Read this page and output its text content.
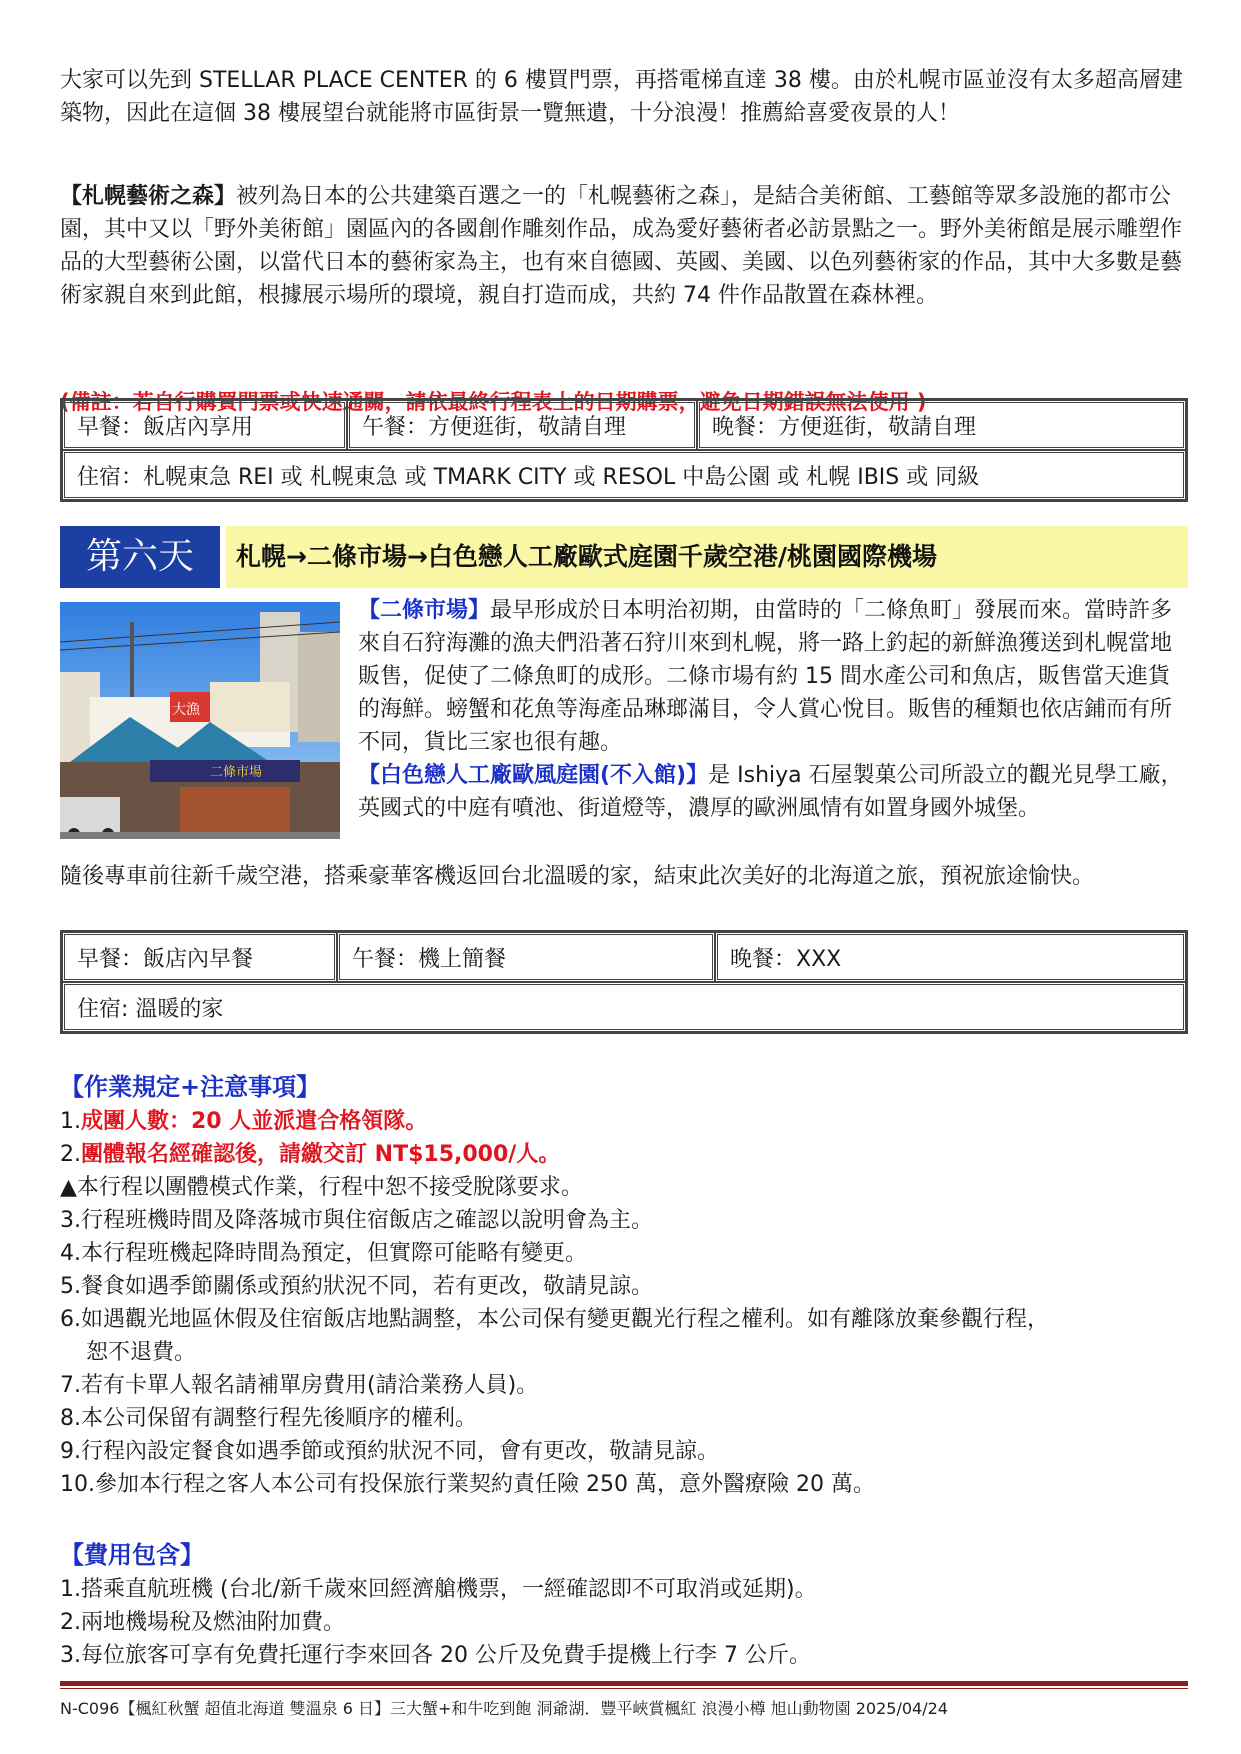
大家可以先到 STELLAR PLACE CENTER 的 6 樓買門票，再搭電梯直達 38 樓。由於札幌市區並沒有太多超高層建築物，因此在這個 38 樓展望台就能將市區街景一覽無遺，十分浪漫！推薦給喜愛夜景的人！

【札幌藝術之森】被列為日本的公共建築百選之一的「札幌藝術之森」，是結合美術館、工藝館等眾多設施的都市公園，其中又以「野外美術館」園區內的各國創作雕刻作品，成為愛好藝術者必訪景點之一。野外美術館是展示雕塑作品的大型藝術公園，以當代日本的藝術家為主，也有來自德國、英國、美國、以色列藝術家的作品，其中大多數是藝術家親自來到此館，根據展示場所的環境，親自打造而成，共約 74 件作品散置在森林裡。

(備註：若自行購買門票或快速通關，請依最終行程表上的日期購票，避免日期錯誤無法使用 )

早餐：飯店內享用	午餐：方便逛街，敬請自理	晚餐：方便逛街，敬請自理
住宿：札幌東急 REI 或 札幌東急 或 TMARK CITY 或 RESOL 中島公園 或 札幌 IBIS 或 同級
第六天	札幌→二條市場→白色戀人工廠歐式庭園千歲空港/桃園國際機場
大漁
二條市場

【二條市場】最早形成於日本明治初期，由當時的「二條魚町」發展而來。當時許多來自石狩海灘的漁夫們沿著石狩川來到札幌，將一路上釣起的新鮮漁獲送到札幌當地販售，促使了二條魚町的成形。二條市場有約 15 間水產公司和魚店，販售當天進貨的海鮮。螃蟹和花魚等海產品琳瑯滿目，令人賞心悅目。販售的種類也依店鋪而有所不同，貨比三家也很有趣。

【白色戀人工廠歐風庭園(不入館)】是 Ishiya 石屋製菓公司所設立的觀光見學工廠，英國式的中庭有噴池、街道燈等，濃厚的歐洲風情有如置身國外城堡。

隨後專車前往新千歲空港，搭乘豪華客機返回台北溫暖的家，結束此次美好的北海道之旅，預祝旅途愉快。

早餐：飯店內早餐	午餐：機上簡餐	晚餐：XXX
住宿: 溫暖的家

【作業規定+注意事項】

1.成團人數：20 人並派遣合格領隊。

2.團體報名經確認後，請繳交訂 NT$15,000/人。

▲本行程以團體模式作業，行程中恕不接受脫隊要求。

3.行程班機時間及降落城市與住宿飯店之確認以說明會為主。

4.本行程班機起降時間為預定，但實際可能略有變更。

5.餐食如遇季節關係或預約狀況不同，若有更改，敬請見諒。

6.如遇觀光地區休假及住宿飯店地點調整，本公司保有變更觀光行程之權利。如有離隊放棄參觀行程，

恕不退費。

7.若有卡單人報名請補單房費用(請洽業務人員)。

8.本公司保留有調整行程先後順序的權利。

9.行程內設定餐食如遇季節或預約狀況不同，會有更改，敬請見諒。

10.參加本行程之客人本公司有投保旅行業契約責任險 250 萬，意外醫療險 20 萬。

【費用包含】

1.搭乘直航班機 (台北/新千歲來回經濟艙機票，一經確認即不可取消或延期)。

2.兩地機場稅及燃油附加費。

3.每位旅客可享有免費托運行李來回各 20 公斤及免費手提機上行李 7 公斤。

N-C096【楓紅秋蟹 超值北海道 雙溫泉 6 日】三大蟹+和牛吃到飽 洞爺湖．豐平峽賞楓紅 浪漫小樽 旭山動物園 2025/04/24
